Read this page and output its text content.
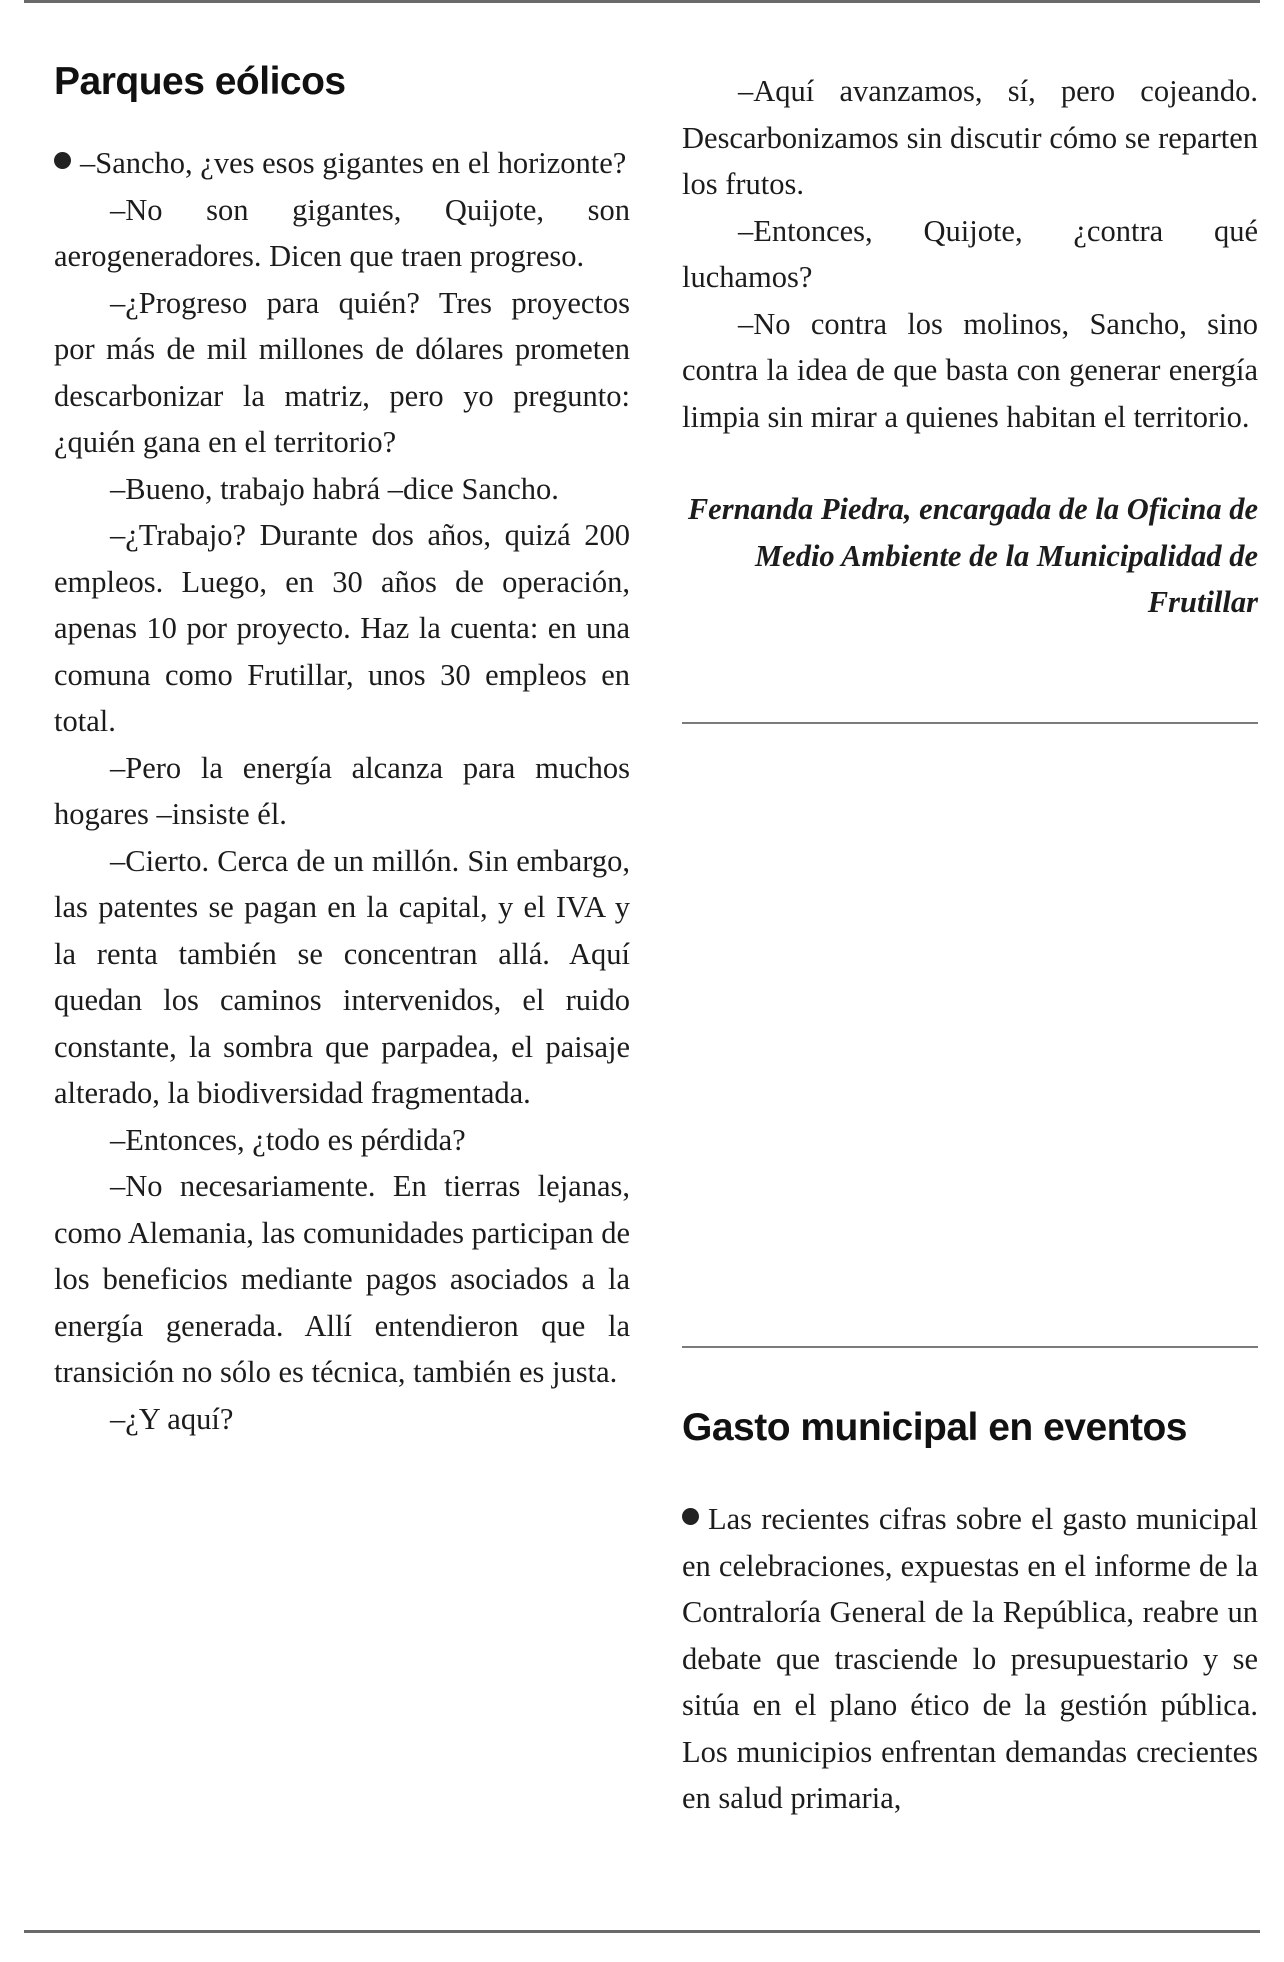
Parques eólicos

–Sancho, ¿ves esos gigantes en el horizonte?

–No son gigantes, Quijote, son aerogeneradores. Dicen que traen progreso.

–¿Progreso para quién? Tres proyectos por más de mil millones de dólares prometen descarbonizar la matriz, pero yo pregunto: ¿quién gana en el territorio?

–Bueno, trabajo habrá –dice Sancho.

–¿Trabajo? Durante dos años, quizá 200 empleos. Luego, en 30 años de operación, apenas 10 por proyecto. Haz la cuenta: en una comuna como Frutillar, unos 30 empleos en total.

–Pero la energía alcanza para muchos hogares –insiste él.

–Cierto. Cerca de un millón. Sin embargo, las patentes se pagan en la capital, y el IVA y la renta también se concentran allá. Aquí quedan los caminos intervenidos, el ruido constante, la sombra que parpadea, el paisaje alterado, la biodiversidad fragmentada.

–Entonces, ¿todo es pérdida?

–No necesariamente. En tierras lejanas, como Alemania, las comunidades participan de los beneficios mediante pagos asociados a la energía generada. Allí entendieron que la transición no sólo es técnica, también es justa.

–¿Y aquí?

–Aquí avanzamos, sí, pero cojeando. Descarbonizamos sin discutir cómo se reparten los frutos.

–Entonces, Quijote, ¿contra qué luchamos?

–No contra los molinos, Sancho, sino contra la idea de que basta con generar energía limpia sin mirar a quienes habitan el territorio.

Fernanda Piedra, encargada de la Oficina de Medio Ambiente de la Municipalidad de Frutillar

Gasto municipal en eventos

Las recientes cifras sobre el gasto municipal en celebraciones, expuestas en el informe de la Contraloría General de la República, reabre un debate que trasciende lo presupuestario y se sitúa en el plano ético de la gestión pública. Los municipios enfrentan demandas crecientes en salud primaria,
